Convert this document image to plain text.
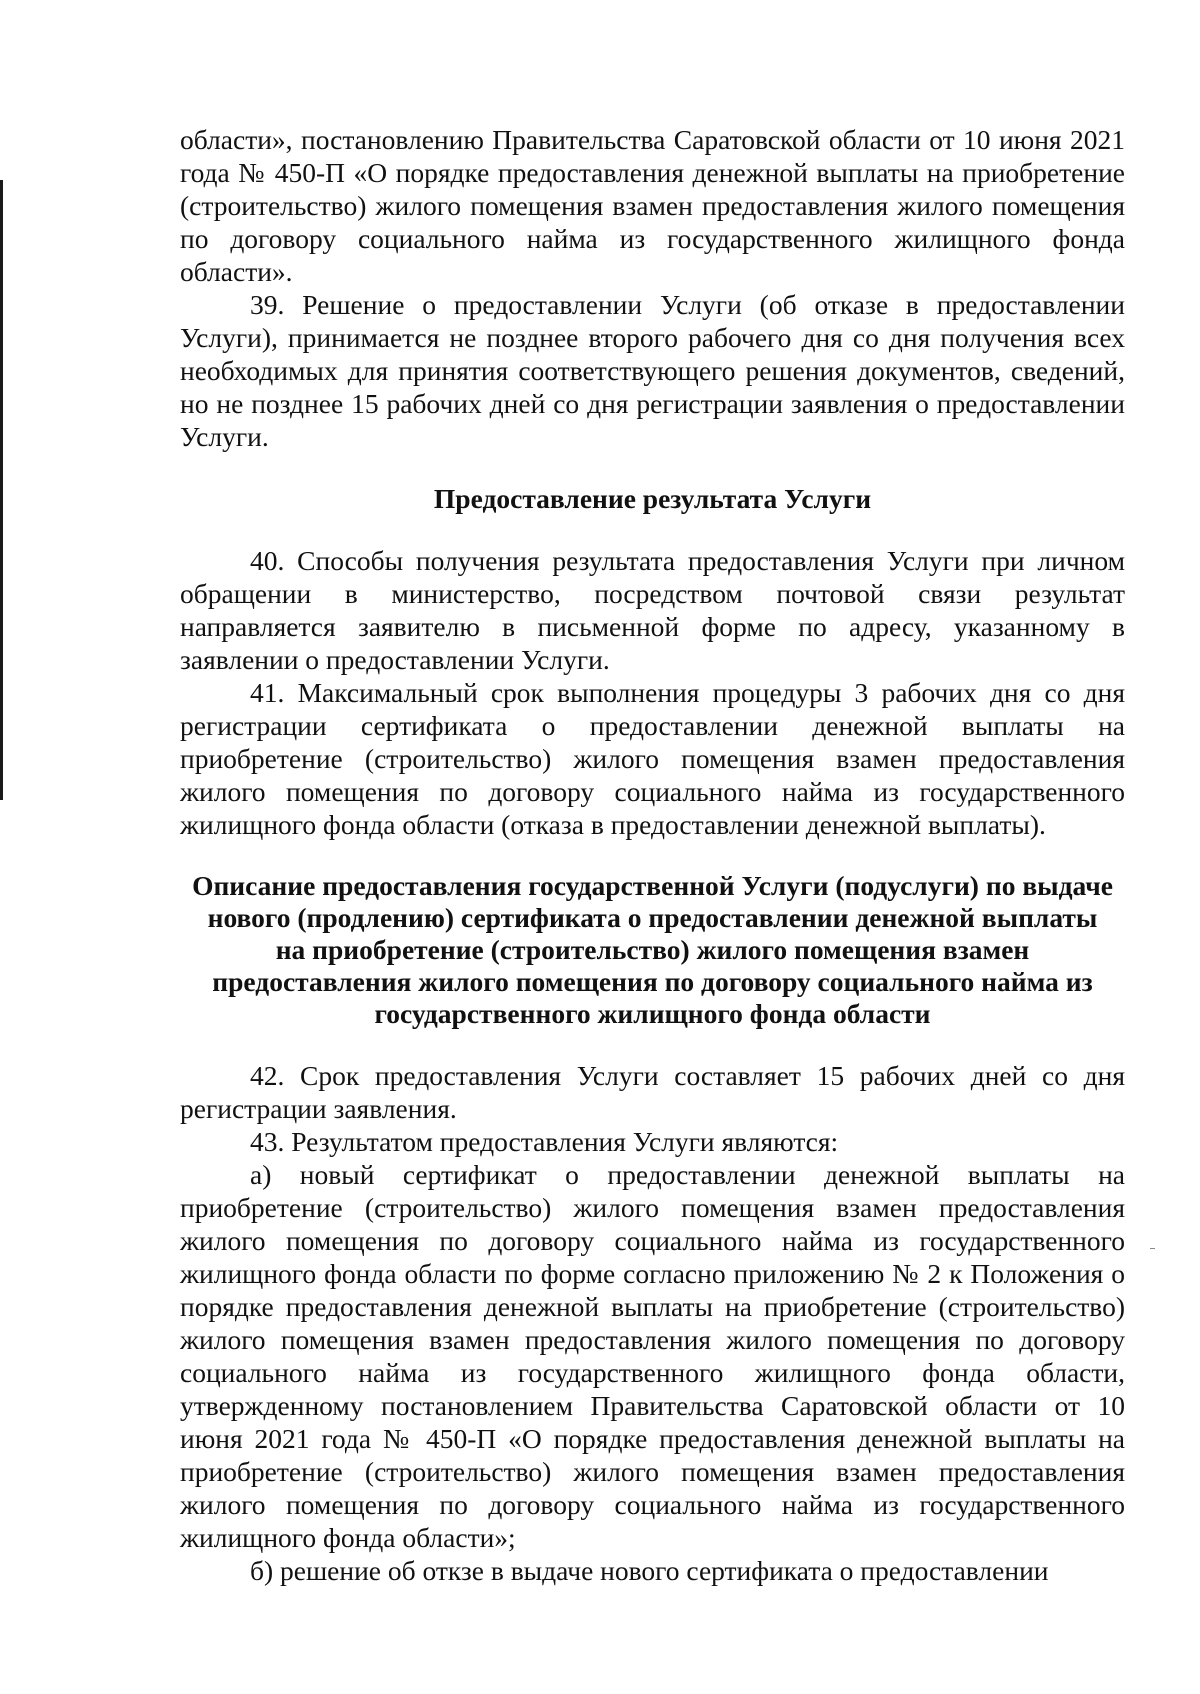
области», постановлению Правительства Саратовской области от 10 июня 2021 года № 450-П «О порядке предоставления денежной выплаты на приобретение (строительство) жилого помещения взамен предоставления жилого помещения по договору социального найма из государственного жилищного фонда области».

39. Решение о предоставлении Услуги (об отказе в предоставлении Услуги), принимается не позднее второго рабочего дня со дня получения всех необходимых для принятия соответствующего решения документов, сведений, но не позднее 15 рабочих дней со дня регистрации заявления о предоставлении Услуги.

Предоставление результата Услуги

40. Способы получения результата предоставления Услуги при личном обращении в министерство, посредством почтовой связи результат направляется заявителю в письменной форме по адресу, указанному в заявлении о предоставлении Услуги.

41. Максимальный срок выполнения процедуры 3 рабочих дня со дня регистрации сертификата о предоставлении денежной выплаты на приобретение (строительство) жилого помещения взамен предоставления жилого помещения по договору социального найма из государственного жилищного фонда области (отказа в предоставлении денежной выплаты).

Описание предоставления государственной Услуги (подуслуги) по выдаче нового (продлению) сертификата о предоставлении денежной выплаты на приобретение (строительство) жилого помещения взамен предоставления жилого помещения по договору социального найма из государственного жилищного фонда области

42. Срок предоставления Услуги составляет 15 рабочих дней со дня регистрации заявления.

43. Результатом предоставления Услуги являются:

а) новый сертификат о предоставлении денежной выплаты на приобретение (строительство) жилого помещения взамен предоставления жилого помещения по договору социального найма из государственного жилищного фонда области по форме согласно приложению № 2 к Положения о порядке предоставления денежной выплаты на приобретение (строительство) жилого помещения взамен предоставления жилого помещения по договору социального найма из государственного жилищного фонда области, утвержденному постановлением Правительства Саратовской области от 10 июня 2021 года № 450-П «О порядке предоставления денежной выплаты на приобретение (строительство) жилого помещения взамен предоставления жилого помещения по договору социального найма из государственного жилищного фонда области»;

б) решение об откзе в выдаче нового сертификата о предоставлении
